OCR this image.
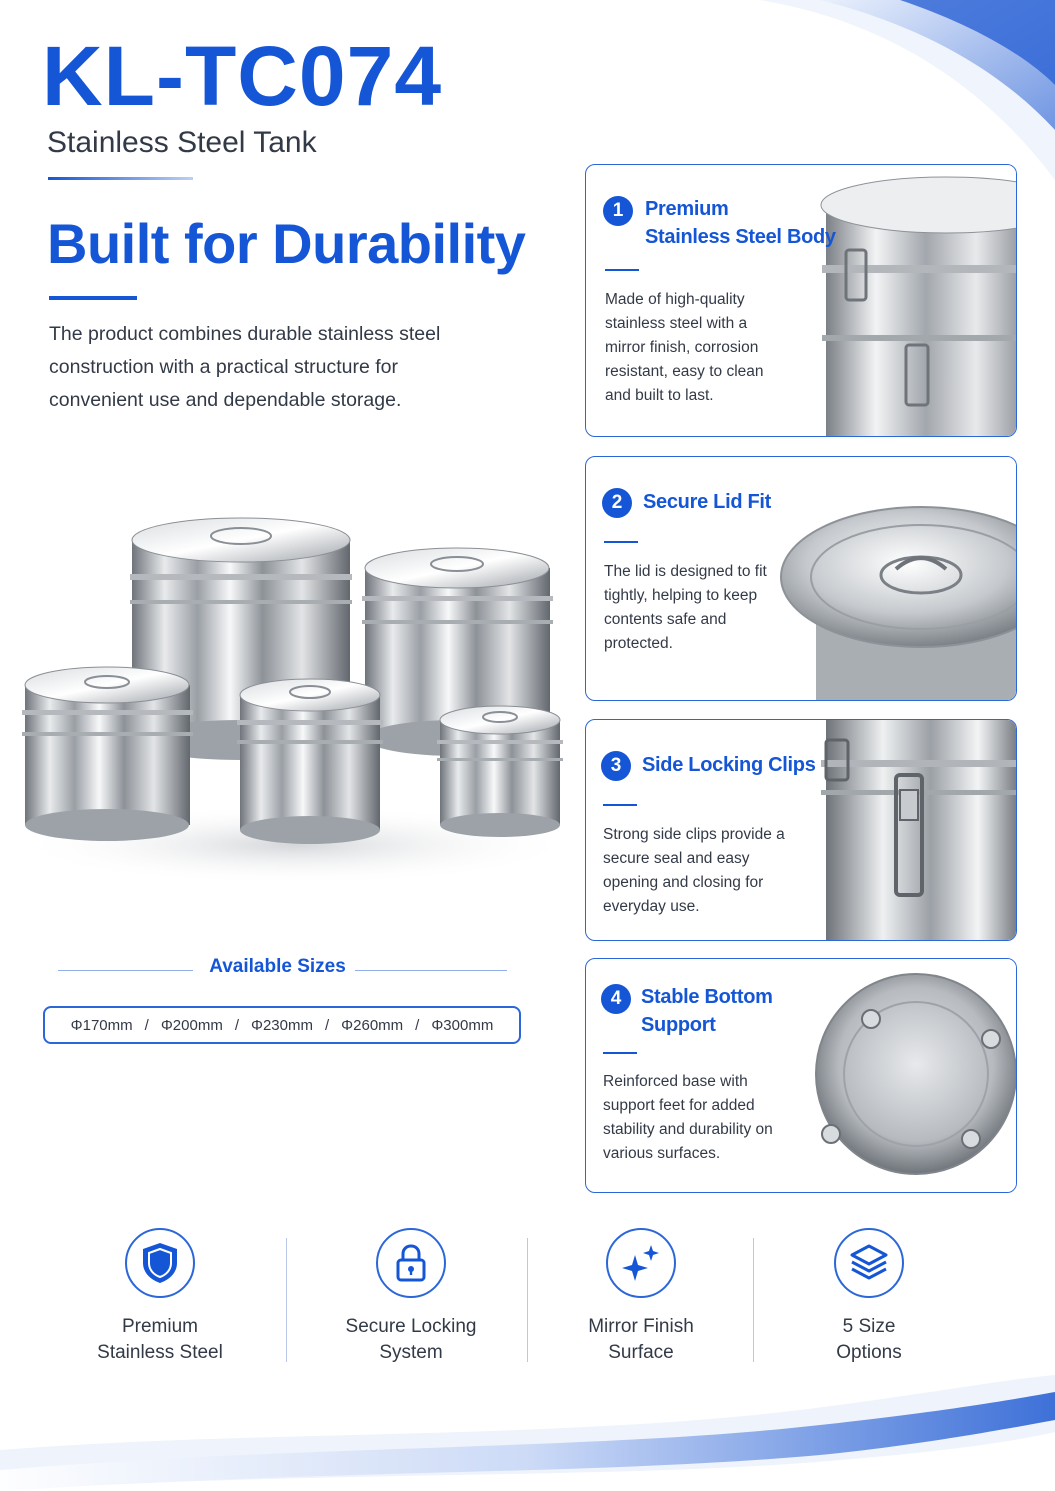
KL-TC074
Stainless Steel Tank
Built for Durability
The product combines durable stainless steel construction with a practical structure for convenient use and dependable storage.
Available Sizes
Φ170mm / Φ200mm / Φ230mm / Φ260mm / Φ300mm
1	Premium
Stainless Steel Body
Made of high-quality stainless steel with a mirror finish, corrosion resistant, easy to clean and built to last.
2	Secure Lid Fit
The lid is designed to fit tightly, helping to keep contents safe and protected.
3	Side Locking Clips
Strong side clips provide a secure seal and easy opening and closing for everyday use.
4 Stable Bottom
Support
Reinforced base with support feet for added stability and durability on various surfaces.
Premium
Stainless Steel
Secure Locking
System
Mirror Finish
Surface
5 Size
Options
